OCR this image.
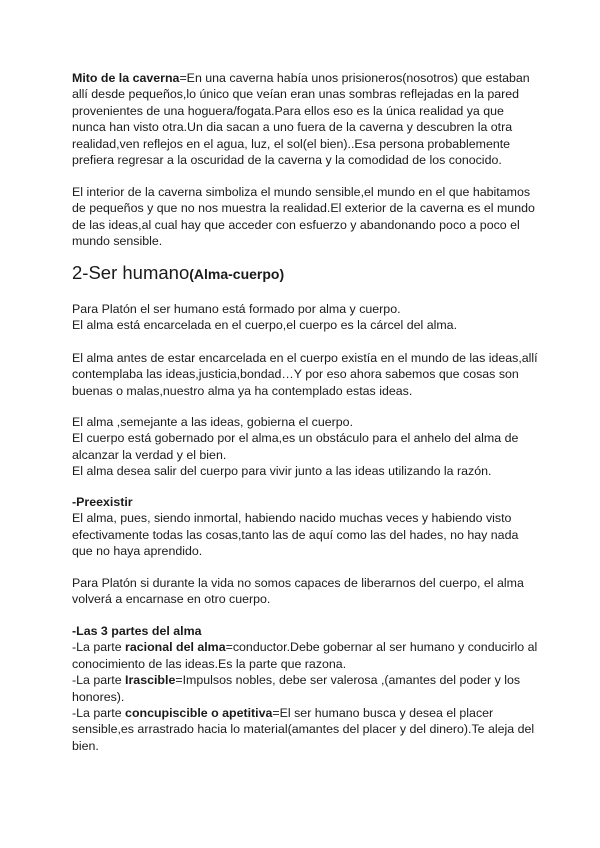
Mito de la caverna=En una caverna había unos prisioneros(nosotros) que estaban
allí desde pequeños,lo único que veían eran unas sombras reflejadas en la pared
provenientes de una hoguera/fogata.Para ellos eso es la única realidad ya que
nunca han visto otra.Un dia sacan a uno fuera de la caverna y descubren la otra
realidad,ven reflejos en el agua, luz, el sol(el bien)..Esa persona probablemente
prefiera regresar a la oscuridad de la caverna y la comodidad de los conocido.
El interior de la caverna simboliza el mundo sensible,el mundo en el que habitamos
de pequeños y que no nos muestra la realidad.El exterior de la caverna es el mundo
de las ideas,al cual hay que acceder con esfuerzo y abandonando poco a poco el
mundo sensible.
2-Ser humano(Alma-cuerpo)
Para Platón el ser humano está formado por alma y cuerpo.
El alma está encarcelada en el cuerpo,el cuerpo es la cárcel del alma.
El alma antes de estar encarcelada en el cuerpo existía en el mundo de las ideas,allí
contemplaba las ideas,justicia,bondad…Y por eso ahora sabemos que cosas son
buenas o malas,nuestro alma ya ha contemplado estas ideas.
El alma ,semejante a las ideas, gobierna el cuerpo.
El cuerpo está gobernado por el alma,es un obstáculo para el anhelo del alma de
alcanzar la verdad y el bien.
El alma desea salir del cuerpo para vivir junto a las ideas utilizando la razón.
-Preexistir
El alma, pues, siendo inmortal, habiendo nacido muchas veces y habiendo visto
efectivamente todas las cosas,tanto las de aquí como las del hades, no hay nada
que no haya aprendido.
Para Platón si durante la vida no somos capaces de liberarnos del cuerpo, el alma
volverá a encarnase en otro cuerpo.
-Las 3 partes del alma
-La parte racional del alma=conductor.Debe gobernar al ser humano y conducirlo al
conocimiento de las ideas.Es la parte que razona.
-La parte Irascible=Impulsos nobles, debe ser valerosa ,(amantes del poder y los
honores).
-La parte concupiscible o apetitiva=El ser humano busca y desea el placer
sensible,es arrastrado hacia lo material(amantes del placer y del dinero).Te aleja del
bien.
